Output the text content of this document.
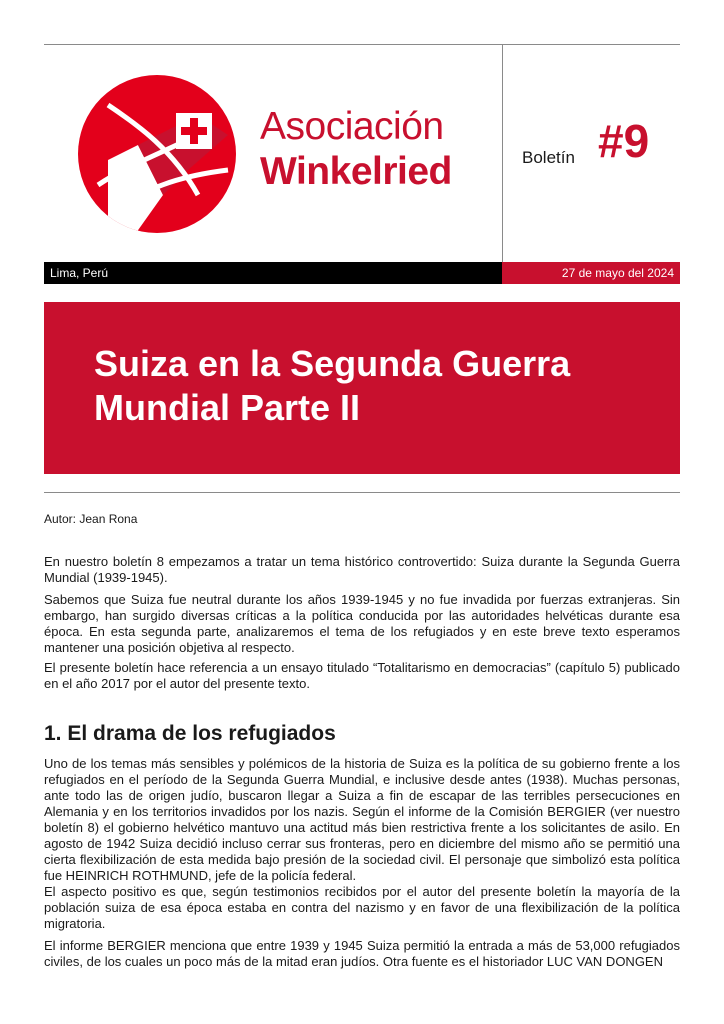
Asociación
Winkelried	Boletín #9
Lima, Perú	27 de mayo del 2024
Suiza en la Segunda Guerra Mundial Parte II
Autor: Jean Rona

En nuestro boletín 8 empezamos a tratar un tema histórico controvertido: Suiza durante la Segunda Guerra Mundial (1939-1945).

Sabemos que Suiza fue neutral durante los años 1939-1945 y no fue invadida por fuerzas extranjeras. Sin embargo, han surgido diversas críticas a la política conducida por las autoridades helvéticas durante esa época. En esta segunda parte, analizaremos el tema de los refugiados y en este breve texto esperamos mantener una posición objetiva al respecto.

El presente boletín hace referencia a un ensayo titulado “Totalitarismo en democracias” (capítulo 5) publicado en el año 2017 por el autor del presente texto.

1. El drama de los refugiados

Uno de los temas más sensibles y polémicos de la historia de Suiza es la política de su gobierno frente a los refugiados en el período de la Segunda Guerra Mundial, e inclusive desde antes (1938). Muchas personas, ante todo las de origen judío, buscaron llegar a Suiza a fin de escapar de las terribles persecuciones en Alemania y en los territorios invadidos por los nazis. Según el informe de la Comisión BERGIER (ver nuestro boletín 8) el gobierno helvético mantuvo una actitud más bien restrictiva frente a los solicitantes de asilo. En agosto de 1942 Suiza decidió incluso cerrar sus fronteras, pero en diciembre del mismo año se permitió una cierta flexibilización de esta medida bajo presión de la sociedad civil. El personaje que simbolizó esta política fue HEINRICH ROTHMUND, jefe de la policía federal.

El aspecto positivo es que, según testimonios recibidos por el autor del presente boletín la mayoría de la población suiza de esa época estaba en contra del nazismo y en favor de una flexibilización de la política migratoria.

El informe BERGIER menciona que entre 1939 y 1945 Suiza permitió la entrada a más de 53,000 refugiados civiles, de los cuales un poco más de la mitad eran judíos. Otra fuente es el historiador LUC VAN DONGEN
